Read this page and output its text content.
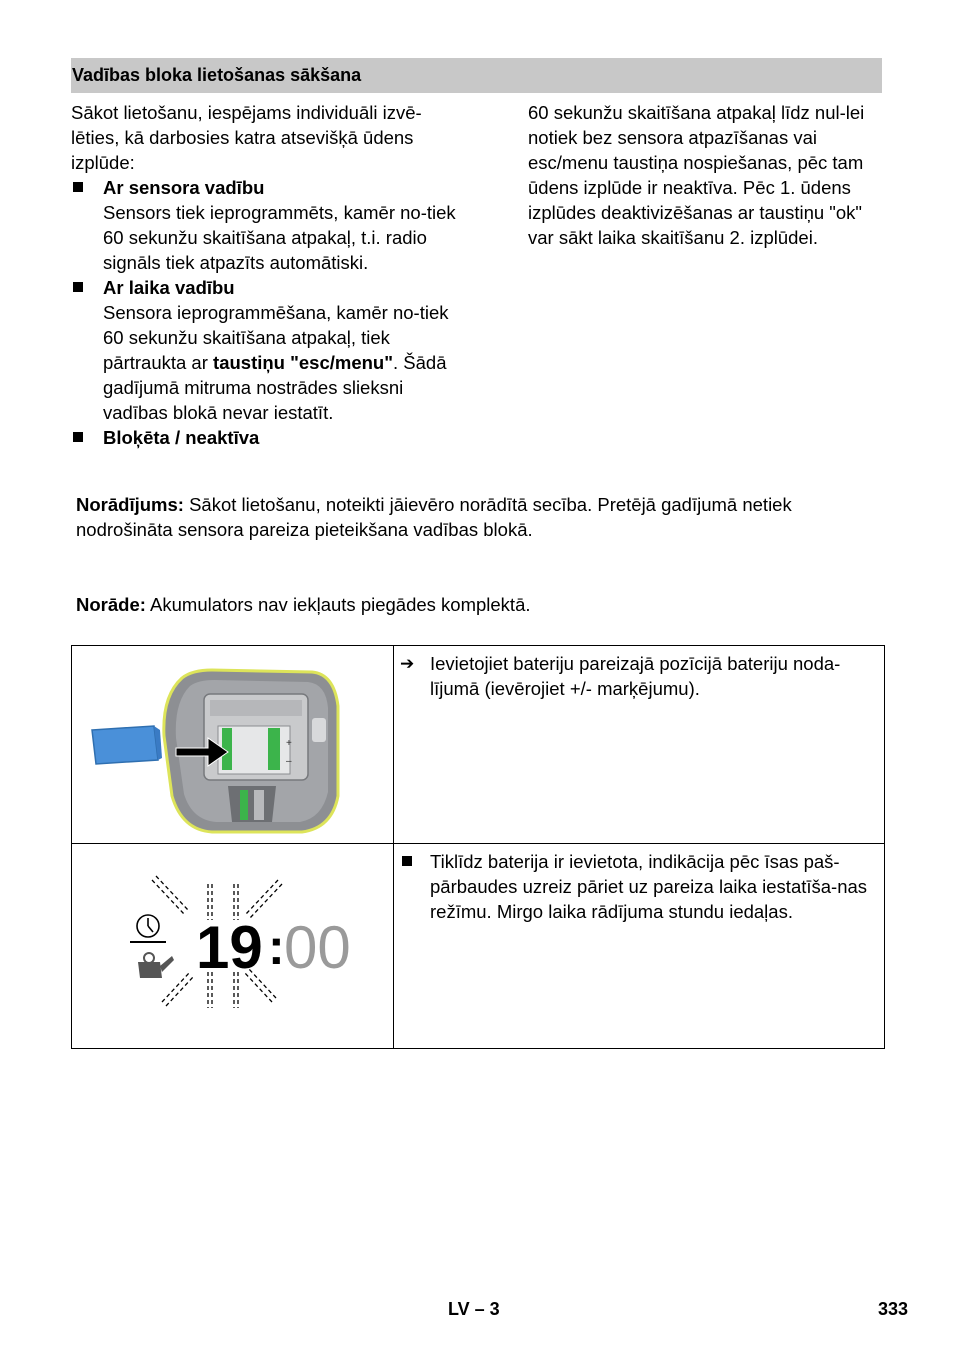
Vadības bloka lietošanas sākšana
Sākot lietošanu, iespējams individuāli izvē-lēties, kā darbosies katra atsevišķā ūdens izplūde:
Ar sensora vadību
Sensors tiek ieprogrammēts, kamēr no-tiek 60 sekunžu skaitīšana atpakaļ, t.i. radio signāls tiek atpazīts automātiski.
Ar laika vadību
Sensora ieprogrammēšana, kamēr no-tiek 60 sekunžu skaitīšana atpakaļ, tiek pārtraukta ar taustiņu "esc/menu". Šādā gadījumā mitruma nostrādes slieksni vadības blokā nevar iestatīt.
Bloķēta / neaktīva
60 sekunžu skaitīšana atpakaļ līdz nul-lei notiek bez sensora atpazīšanas vai esc/menu taustiņa nospiešanas, pēc tam ūdens izplūde ir neaktīva. Pēc 1. ūdens izplūdes deaktivizēšanas ar taustiņu "ok" var sākt laika skaitīšanu 2. izplūdei.
Norādījums: Sākot lietošanu, noteikti jāievēro norādītā secība. Pretējā gadījumā netiek nodrošināta sensora pareiza pieteikšana vadības blokā.
Norāde: Akumulators nav iekļauts piegādes komplektā.
+
–	➔ Ievietojiet bateriju pareizajā pozīcijā bateriju noda-lījumā (ievērojiet +/- marķējumu).

19 : 00	Tiklīdz baterija ir ievietota, indikācija pēc īsas paš-pārbaudes uzreiz pāriet uz pareiza laika iestatīša-nas režīmu. Mirgo laika rādījuma stundu iedaļas.
LV – 3	333
